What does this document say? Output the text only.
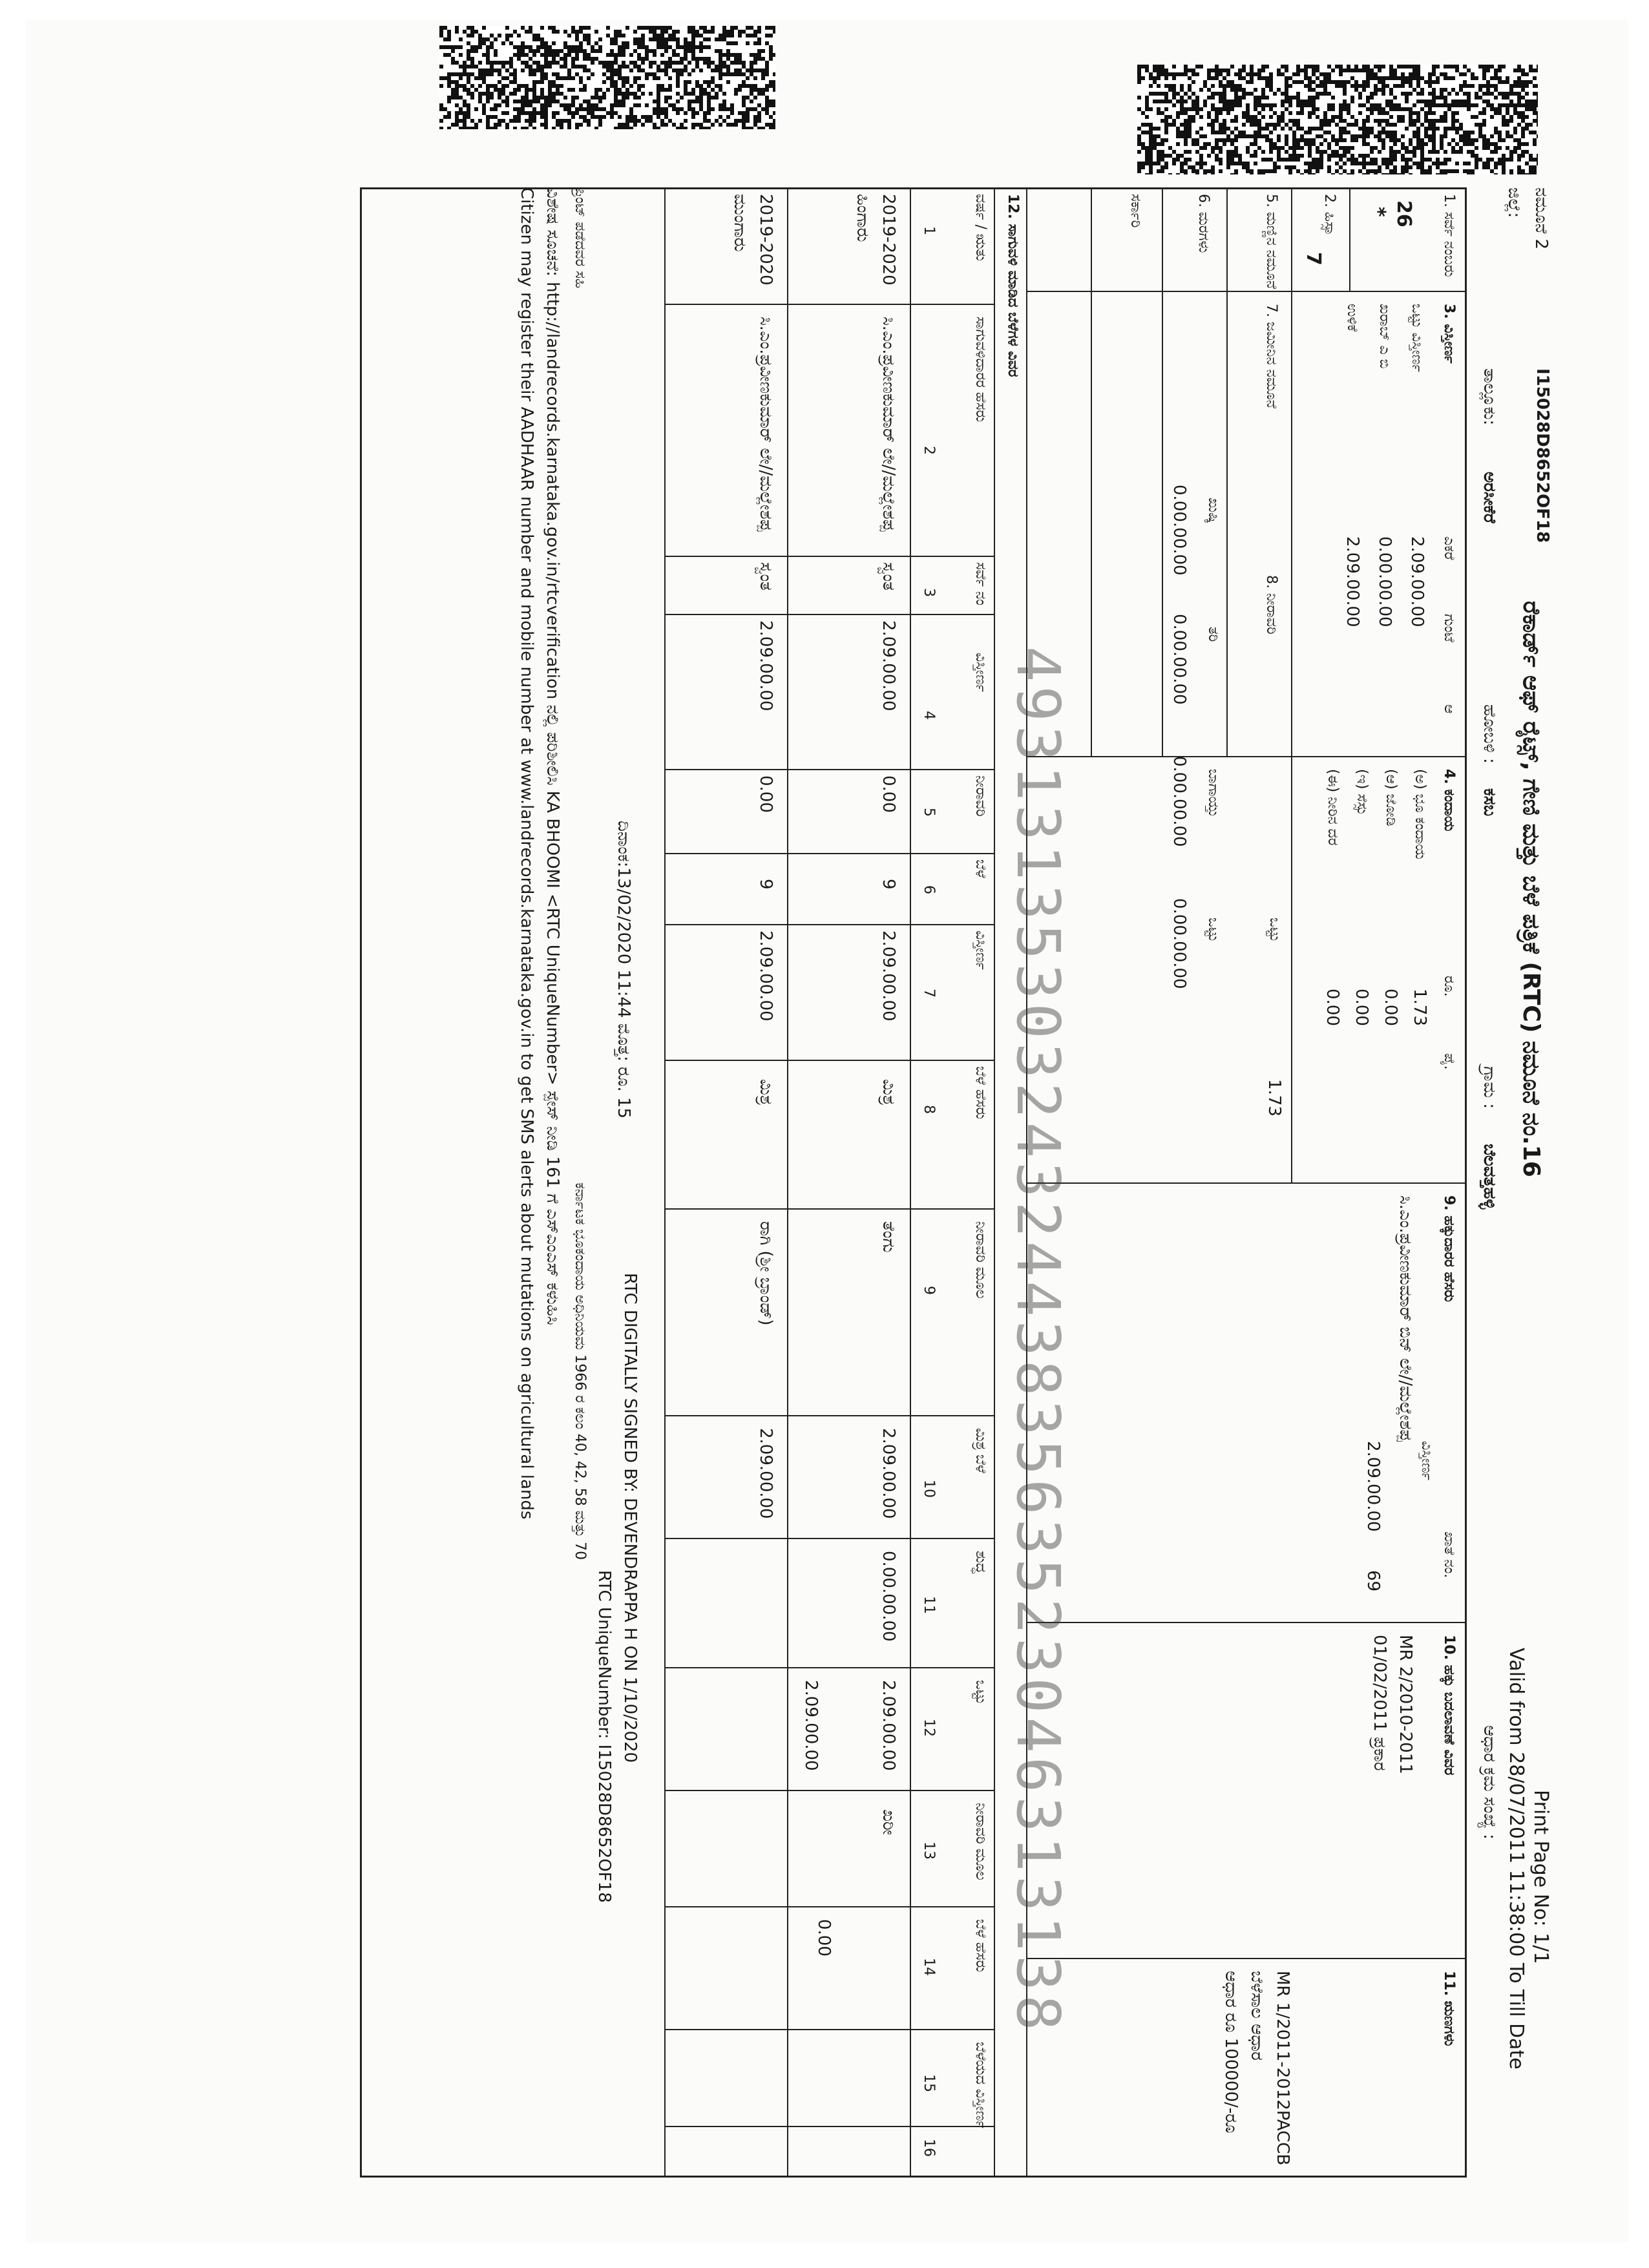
ನಮೂನೆ 2
ಜಿಲ್ಲೆ:
I15028D8652OF18
ರೆಕಾರ್ಡ್ ಆಫ್ ರೈಟ್ಸ್, ಗೇಣಿ ಮತ್ತು ಬೆಳೆ ಪತ್ರಿಕೆ (RTC) ನಮೂನೆ ನಂ.16
Print Page No: 1/1
Valid from 28/07/2011 11:38:00 To Till Date
ತಾಲ್ಲೂಕು:
ಅರಸೀಕೆರೆ
ಹೋಬಳಿ :
ಕಸಬ
ಗ್ರಾಮ :
ಬೆಲವತ್ತಹಳ್ಳಿ
ಆಧಾರ ಕ್ರಮ ಸಂಖ್ಯೆ :
1. ಸರ್ವೆ ನಂಬರು
26
*
2. ಹಿಸ್ಸಾ
7
3. ವಿಸ್ತೀರ್ಣ
ಎಕರೆ
ಗುಂಟೆ
ಆ
ಒಟ್ಟು ವಿಸ್ತೀರ್ಣ
2.09.00.00
ಖರಾಬ್ ಎ ಬಿ
0.00.00.00
ಉಳಿಕೆ
2.09.00.00
4. ಕಂದಾಯ
ರೂ.
ಪೈ.
(ಅ) ಭೂ ಕಂದಾಯ
1.73
(ಆ) ಜೋಡಿ
0.00
(ಇ) ಸೆಸ್ಸು
0.00
(ಈ) ನೀರಿನ ದರ
0.00
ಒಟ್ಟು
1.73
5. ಮಣ್ಣಿನ ನಮೂನೆ
7. ಜಮೀನಿನ ನಮೂನೆ
8. ನೀರಾವರಿ
6. ಮರಗಳು
ಖುಷ್ಕಿ
ತರಿ
ಬಾಗಾಯ್ತು
ಒಟ್ಟು
0.00.00.00
0.00.00.00
0.00.00.00
0.00.00.00
ಸರ್ಕಾರಿ
9. ಹಕ್ಕುದಾರರ ಹೆಸರು
ಖಾತೆ ನಂ.
ವಿಸ್ತೀರ್ಣ
ಸಿ.ಎಂ.ಪ್ರವೀಣಕುಮಾರ್ ಬಿನ್ ಲೇ//ಮಲ್ಲೇಶಪ್ಪ
2.09.00.00
69
10. ಹಕ್ಕು ಬದಲಾವಣೆ ವಿವರ
MR 2/2010-2011
01/02/2011 ಪ್ರಕಾರ
11. ಋಣಗಳು
MR 1/2011-2012PACCB
ಬೆಳೆಸಾಲ ಆಧಾರ
ಆಧಾರ ರೂ 100000/-ರೂ
12. ಸಾಗುವಳಿ ಮಾಡಿದ ಬೆಳೆಗಳ ವಿವರ
ವರ್ಷ / ಋತು
ಸಾಗುವಳಿದಾರರ ಹೆಸರು
ಸರ್ವೆ ನಂ
ವಿಸ್ತೀರ್ಣ
ನೀರಾವರಿ
ಬೆಳೆ
ವಿಸ್ತೀರ್ಣ
ಬೆಳೆ ಹೆಸರು
ನೀರಾವರಿ ಮೂಲ
ಮಿಶ್ರ ಬೆಳೆ
ಶುದ್ಧ
ಒಟ್ಟು
ನೀರಾವರಿ ಮೂಲ
ಬೆಳೆ ಹೆಸರು
ಬೆಳೆಯದ ವಿಸ್ತೀರ್ಣ
1
2
3
4
5
6
7
8
9
10
11
12
13
14
15
16
2019-2020
ಹಿಂಗಾರು
ಸಿ.ಎಂ.ಪ್ರವೀಣಕುಮಾರ್ ಲೇ//ಮಲ್ಲೇಶಪ್ಪ
ಸ್ವಂತ
2.09.00.00
0.00
9
2.09.00.00
ಮಿಶ್ರ
ತೆಂಗು
2.09.00.00
0.00.00.00
2.09.00.00
ಖರೀ
0.00
2019-2020
ಮುಂಗಾರು
ಸಿ.ಎಂ.ಪ್ರವೀಣಕುಮಾರ್ ಲೇ//ಮಲ್ಲೇಶಪ್ಪ
ಸ್ವಂತ
2.09.00.00
0.00
9
2.09.00.00
ಮಿಶ್ರ
ರಾಗಿ (ಶ್ರೀ ಬ್ರಾಂಡ್)
2.09.00.00
2.09.00.00	49313135303243244383563523046313138
RTC DIGITALLY SIGNED BY: DEVENDRAPPA H ON 1/10/2020
RTC UniqueNumber: I15028D8652OF18
ಕರ್ನಾಟಕ ಭೂಕಂದಾಯ ಅಧಿನಿಯಮ 1966 ರ ಕಲಂ 40, 42, 58 ಮತ್ತು 70
ವಿಶೇಷ ಸೂಚನೆ: http://landrecords.karnataka.gov.in/rtcverification ನಲ್ಲಿ ಪರಿಶೀಲಿಸಿ KA BHOOMI <RTC UniqueNumber> ಸ್ಪೇಸ್ ನೀಡಿ 161 ಗೆ ಎಸ್ಎಂಎಸ್ ಕಳುಹಿಸಿ
Citizen may register their AADHAAR number and mobile number at www.landrecords.karnataka.gov.in to get SMS alerts about mutations on agricultural lands	ದಿನಾಂಕ:13/02/2020 11:44 ಮೊತ್ತ: ರೂ. 15
ಪ್ರಿಂಟ್ ಪಡೆದವರ ಸಹಿ
